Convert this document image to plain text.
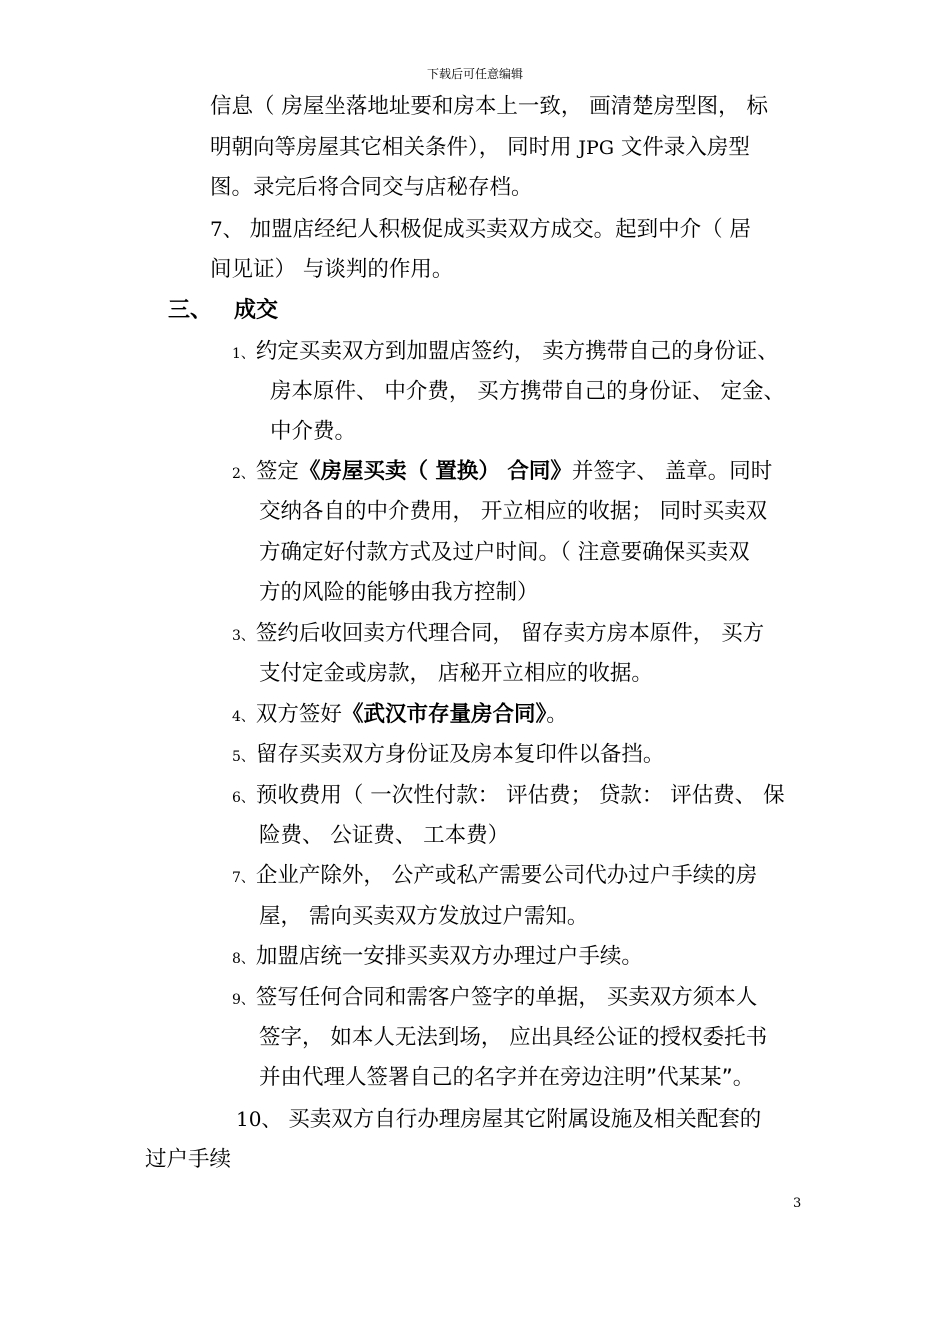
下载后可任意编辑
信息（ 房屋坐落地址要和房本上一致， 画清楚房型图， 标
明朝向等房屋其它相关条件）， 同时用 JPG 文件录入房型
图。录完后将合同交与店秘存档。
7、 加盟店经纪人积极促成买卖双方成交。起到中介（ 居
间见证） 与谈判的作用。
三、 成交
1、约定买卖双方到加盟店签约， 卖方携带自己的身份证、
房本原件、 中介费， 买方携带自己的身份证、 定金、
中介费。
2、签定《房屋买卖（ 置换） 合同》并签字、 盖章。同时
交纳各自的中介费用， 开立相应的收据； 同时买卖双
方确定好付款方式及过户时间。（ 注意要确保买卖双
方的风险的能够由我方控制）
3、签约后收回卖方代理合同， 留存卖方房本原件， 买方
支付定金或房款， 店秘开立相应的收据。
4、双方签好《武汉市存量房合同》。
5、留存买卖双方身份证及房本复印件以备挡。
6、预收费用（ 一次性付款： 评估费； 贷款： 评估费、 保
险费、 公证费、 工本费）
7、企业产除外， 公产或私产需要公司代办过户手续的房
屋， 需向买卖双方发放过户需知。
8、加盟店统一安排买卖双方办理过户手续。
9、签写任何合同和需客户签字的单据， 买卖双方须本人
签字， 如本人无法到场， 应出具经公证的授权委托书
并由代理人签署自己的名字并在旁边注明”代某某”。
10、 买卖双方自行办理房屋其它附属设施及相关配套的
过户手续
3
